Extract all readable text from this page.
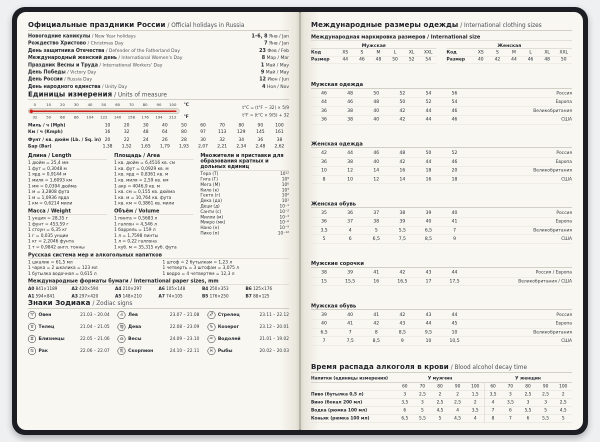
Официальные праздники России / Official holidays in Russia
Новогодние каникулы / New Year holidays	1–6, 8 Янв / Jan
Рождество Христово / Christmas Day	7 Янв / Jan
День защитника Отечества / Defender of the Fatherland Day	23 Фев / Feb
Международный женский день / International Women's Day	8 Мар / Mar
Праздник Весны и Труда / International Workers' Day	1 Май / May
День Победы / Victory Day	9 Май / May
День России / Russia Day	12 Июн / Jun
День народного единства / Unity Day	4 Ноя / Nov
Единицы измерения / Units of measure
0	10	20	30	40	50	60	70	80	90	100
32	50	68	86	104 122 140 158 176 194 212
°C
°F
t°C = (t°F − 32) × 5/9
t°F = (t°C × 9/5) + 32
Миль / ч (Mph)	10	20	30	40	50	60	70	80	90	100
Км / ч (Kmph)	16	32	48	64	80	97	113	129	145	161
Фунт / кв. дюйм (Lb. / Sq. in) 20	22	24	26	28	30	32	34	36	38
Бар (Bar)	1,38	1,52	1,65	1,79	1,93	2,07	2,21	2,34	2,48	2,62
Длина / Length
1 дюйм = 25,4 мм
1 фут = 0,3048 м
1 ярд = 0,9144 м
1 миля = 1,6093 км
1 мм = 0,0394 дюйма
1 м = 3,2808 фута
1 м = 1,0936 ярда
1 км = 0,6214 мили
Масса / Weight
1 унция = 28,35 г
1 фунт = 453,59 г
1 стоун = 6,35 кг
1 г = 0,035 унции
1 кг = 2,2046 фунта
1 т = 0,9842 англ. тонны
Площадь / Area
1 кв. дюйм = 6,4516 кв. см
1 кв. фут = 0,0929 кв. м
1 кв. ярд = 0,8361 кв. м
1 кв. миля = 2,59 кв. км
1 акр = 4046,9 кв. м
1 кв. см = 0,155 кв. дюйма
1 кв. м = 10,764 кв. фута
1 кв. км = 0,3861 кв. мили
Объём / Volume
1 пинта = 0,5683 л
1 галлон = 4,546 л
1 баррель = 159 л
1 л = 1,7598 пинты
1 л = 0,22 галлона
1 куб. м = 35,315 куб. фута
Множители и приставки для образования кратных и дольных единиц
Тера (Т)	10¹²
Гига (Г)	10⁹
Мега (М)	10⁶
Кило (к)	10³
Гекто (г)	10²
Дека (да)	10¹
Деци (д)	10⁻¹
Санти (с)	10⁻²
Милли (м)	10⁻³
Микро (мк)	10⁻⁶
Нано (н)	10⁻⁹
Пико (п)	10⁻¹²
Русская система мер и алкогольных напитков
1 шкалик = 61,5 мл
1 чарка = 2 шкалика = 123 мл
1 бутылка водочная = 0,615 л
1 штоф = 2 бутылкам = 1,23 л
1 четверть = 3 штофам = 3,075 л
1 ведро = 4 четвертям = 12,3 л
Международные форматы бумаги / International paper sizes, mm
A0 841×1189	A2 420×594	A4 210×297	A6 105×148	B4 250×353	B6 125×176
A1 594×841	A3 297×420	A5 148×210	A7 74×105	B5 176×250	B7 88×125
Знаки Зодиака / Zodiac signs
♈ Овен	21.03 – 20.04 ♌ Лев	23.07 – 21.08 ♐ Стрелец	23.11 – 22.12
♉ Телец	21.04 – 21.05 ♍ Дева	22.08 – 23.09 ♑ Козерог	23.12 – 20.01
♊ Близнецы	22.05 – 21.06 ♎ Весы	24.09 – 23.10 ♒ Водолей	21.01 – 19.02
♋ Рак	22.06 – 22.07 ♏ Скорпион	24.10 – 22.11 ♓ Рыбы	20.02 – 20.03
Международные размеры одежды / International clothing sizes
Международная маркировка размеров / International size
Мужская
Код	XS	S	M	L	XL	XXL
Размер	44	46	48	50	52	54
Женская
Код	XS	S	M	L	XL	XXL
Размер	40	42	44	46	48	50
Мужская одежда
46	48	50	52	54	56	Россия
44	46	48	50	52	54	Европа
36	38	40	42	44	46	Великобритания
36	38	40	42	44	46	США
Женская одежда
42	44	46	48	50	52	Россия
36	38	40	42	44	46	Европа
10	12	14	16	18	20	Великобритания
8	10	12	14	16	18	США
Женская обувь
35	36	37	38	39	40	Россия
36	37	38	39	40	41	Европа
3,5	4	5	5,5	6,5	7	Великобритания
5	6	6,5	7,5	8,5	9	США
Мужские сорочки
38	39	41	42	43	44	Россия / Европа
15	15,5	16	16,5	17	17,5	Великобритания / США
Мужская обувь
39	40	41	42	43	44	Россия
40	41	42	43	44	45	Европа
6,5	7	8	8,5	9,5	10	Великобритания
7	7,5	8,5	9	10	10,5	США
Время распада алкоголя в крови / Blood alcohol decay time
Напитки (единицы измерения)	У мужчин	У женщин
60	70	80	90	100	60	70	80	90	100
Пиво (бутылка 0,5 л)	3	2,5	2	2	1,5	3,5	3	2,5	2,5	2
Вино (бокал 200 мл)	3,5	3	2,5	2,5	2	4	3,5	3	3	2,5
Водка (рюмка 100 мл)	6	5	4,5	4	3,5	7	6	5,5	5	4,5
Коньяк (рюмка 100 мл)	6,5	5,5	5	4,5	4	8	7	6	5,5	5
